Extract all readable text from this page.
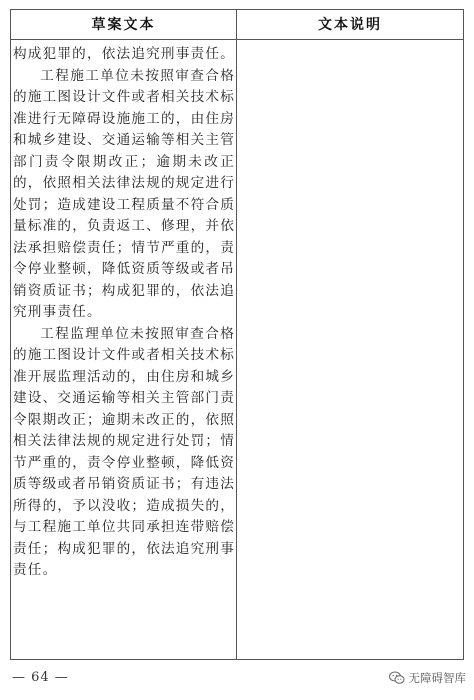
草案文本	文本说明

构成犯罪的，依法追究刑事责任。

工程施工单位未按照审查合格的施工图设计文件或者相关技术标准进行无障碍设施施工的，由住房和城乡建设、交通运输等相关主管部门责令限期改正；逾期未改正的，依照相关法律法规的规定进行处罚；造成建设工程质量不符合质量标准的，负责返工、修理，并依法承担赔偿责任；情节严重的，责令停业整顿，降低资质等级或者吊销资质证书；构成犯罪的，依法追究刑事责任。

工程监理单位未按照审查合格的施工图设计文件或者相关技术标准开展监理活动的，由住房和城乡建设、交通运输等相关主管部门责令限期改正；逾期未改正的，依照相关法律法规的规定进行处罚；情节严重的，责令停业整顿，降低资质等级或者吊销资质证书；有违法所得的，予以没收；造成损失的，与工程施工单位共同承担连带赔偿责任；构成犯罪的，依法追究刑事责任。

— 64 —	无障碍智库
